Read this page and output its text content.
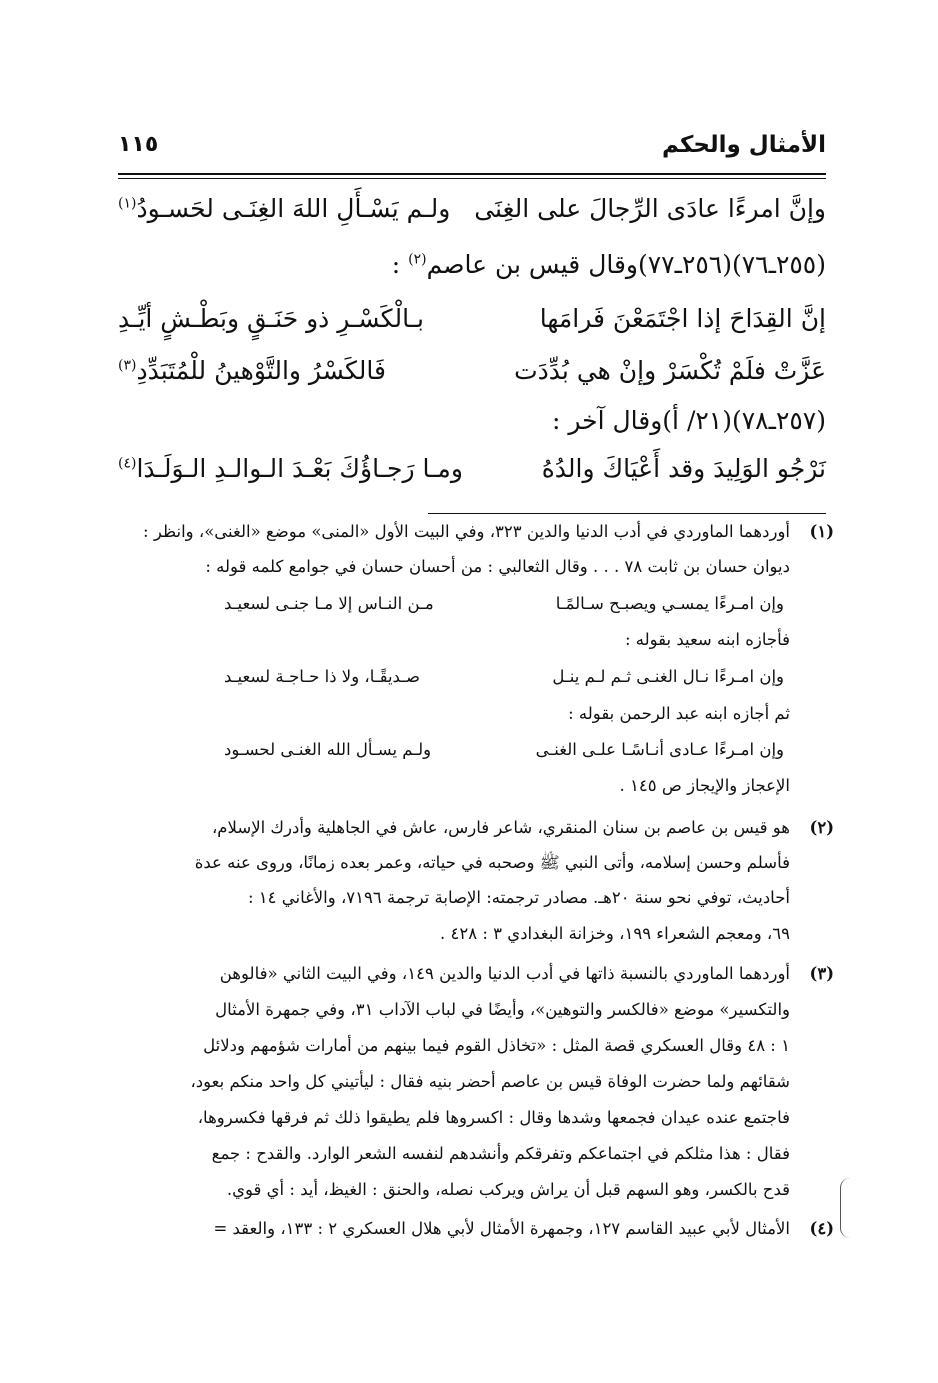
الأمثال والحكم
١١٥
وإنَّ امرءًا عادَى الرِّجالَ على الغِنَى
ولـم يَسْـأَلِ اللهَ الغِنَـى لحَسـودُ$^{(١)}$
(٢٥٥ـ٧٦)(٢٥٦ـ٧٧)وقال قيس بن عاصم$^{(٢)}$ :
إنَّ القِدَاحَ إذا اجْتَمَعْنَ فَرامَها
بـالْكَسْـرِ ذو حَنَـقٍ وبَطْـشٍ أيِّـدِ
عَزَّتْ فلَمْ تُكْسَرْ وإنْ هي بُدِّدَت
فَالكَسْرُ والتَّوْهينُ للْمُتَبَدِّدِ$^{(٣)}$
(٢٥٧ـ٧٨)(٢١/ أ)وقال آخر :
نَرْجُو الوَلِيدَ وقد أَعْيَاكَ والدُهُ
ومـا رَجـاؤُكَ بَعْـدَ الـوالـدِ الـوَلَـدَا$^{(٤)}$
(١)
أوردهما الماوردي في أدب الدنيا والدين ٣٢٣، وفي البيت الأول «المنى» موضع «الغنى»، وانظر :
ديوان حسان بن ثابت ٧٨ . . . وقال الثعالبي : من أحسان حسان في جوامع كلمه قوله :
وإن امـرءًا يمسـي ويصبـح سـالمًـا
مـن النـاس إلا مـا جنـى لسعيـد
فأجازه ابنه سعيد بقوله :
وإن امـرءًا نـال الغنـى ثـم لـم ينـل
صـديقًـا، ولا ذا حـاجـة لسعيـد
ثم أجازه ابنه عبد الرحمن بقوله :
وإن امـرءًا عـادى أنـاسًـا علـى الغنـى
ولـم يسـأل الله الغنـى لحسـود
الإعجاز والإيجاز ص ١٤٥ .
(٢)
هو قيس بن عاصم بن سنان المنقري، شاعر فارس، عاش في الجاهلية وأدرك الإسلام،
فأسلم وحسن إسلامه، وأتى النبي ﷺ وصحبه في حياته، وعمر بعده زمانًا، وروى عنه عدة
أحاديث، توفي نحو سنة ٢٠هـ. مصادر ترجمته: الإصابة ترجمة ٧١٩٦، والأغاني ١٤ :
٦٩، ومعجم الشعراء ١٩٩، وخزانة البغدادي ٣ : ٤٢٨ .
(٣)
أوردهما الماوردي بالنسبة ذاتها في أدب الدنيا والدين ١٤٩، وفي البيت الثاني «فالوهن
والتكسير» موضع «فالكسر والتوهين»، وأيضًا في لباب الآداب ٣١، وفي جمهرة الأمثال
١ : ٤٨ وقال العسكري قصة المثل : «تخاذل القوم فيما بينهم من أمارات شؤمهم ودلائل
شقائهم ولما حضرت الوفاة قيس بن عاصم أحضر بنيه فقال : ليأتيني كل واحد منكم بعود،
فاجتمع عنده عيدان فجمعها وشدها وقال : اكسروها فلم يطيقوا ذلك ثم فرقها فكسروها،
فقال : هذا مثلكم في اجتماعكم وتفرقكم وأنشدهم لنفسه الشعر الوارد. والقدح : جمع
قدح بالكسر، وهو السهم قبل أن يراش ويركب نصله، والحنق : الغيظ، أيد : أي قوي.
(٤)
الأمثال لأبي عبيد القاسم ١٢٧، وجمهرة الأمثال لأبي هلال العسكري ٢ : ١٣٣، والعقد =
